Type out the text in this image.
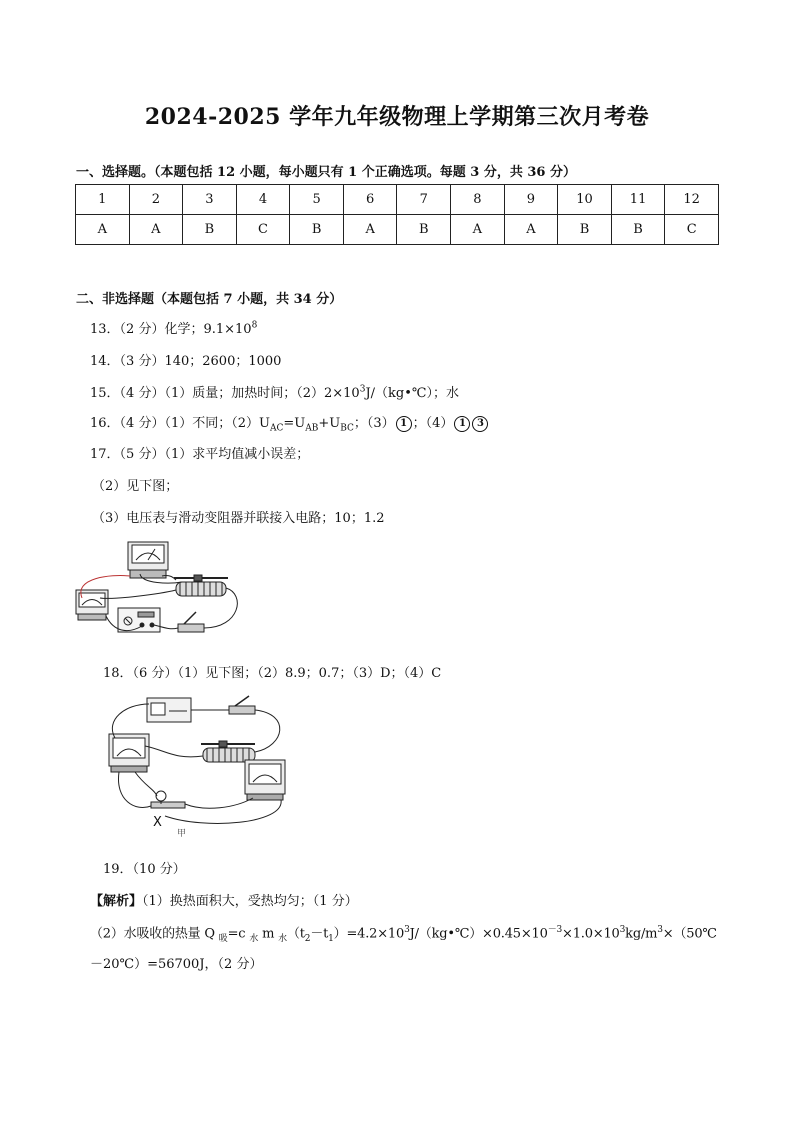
2024-2025 学年九年级物理上学期第三次月考卷
一、选择题。（本题包括 12 小题，每小题只有 1 个正确选项。每题 3 分，共 36 分）
1	2	3	4	5	6	7	8	9	10	11	12
A	A	B	C	B	A	B	A	A	B	B	C
二、非选择题（本题包括 7 小题，共 34 分）
13．（2 分）化学；$9.1\times 10^8$
14．（3 分）140；2600；1000
15．（4 分）（1）质量；加热时间；$(2)2\times 10^3J/(kg•℃)$；水
16．（4 分）（1）不同；$(2)U_{AC}=U_{AB}+U_{BC}$；（3） 1 ；（4） 1 3
17．（5 分）（1）求平均值减小误差；
（2）见下图；
（3）电压表与滑动变阻器并联接入电路；10；1.2
18．（6 分）（1）见下图；（2）8.9；0.7；（3）D；（4）C
X
甲
19．（10 分）
【解析】（1）换热面积大，受热均匀；（1 分）
（2）水吸收的热量 Q $_吸$=c $_水$ m $_水(t_2-t_1)=4.2\times 10^3J/(kg•℃)\times 0.45\times 10^{-3}\times 1.0\times 10^3kg/m^3\times(50℃$
－20℃）=56700J，（2 分）
